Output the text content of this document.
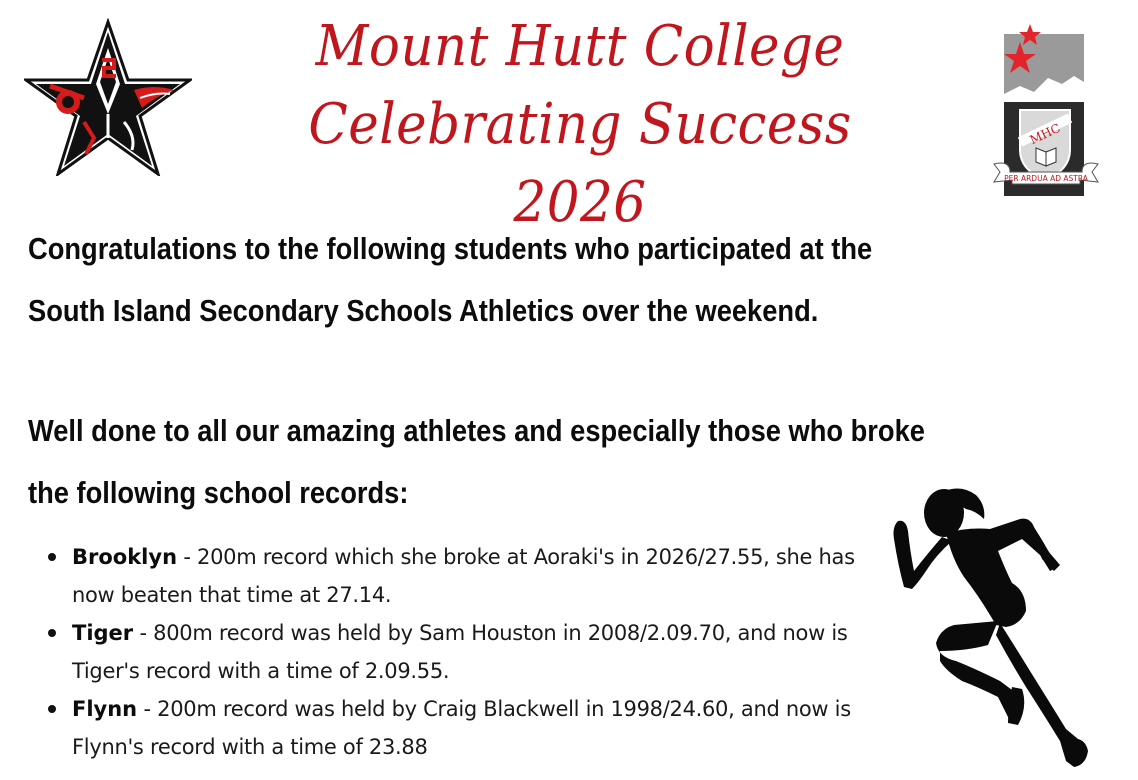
Mount Hutt College
Celebrating Success 2026
MHC
PER ARDUA AD ASTRA
Congratulations to the following students who participated at the
South Island Secondary Schools Athletics over the weekend.
Well done to all our amazing athletes and especially those who broke
the following school records:
Brooklyn - 200m record which she broke at Aoraki's in 2026/27.55, she has now beaten that time at 27.14.
Tiger - 800m record was held by Sam Houston in 2008/2.09.70, and now is Tiger's record with a time of 2.09.55.
Flynn - 200m record was held by Craig Blackwell in 1998/24.60, and now is Flynn's record with a time of 23.88
